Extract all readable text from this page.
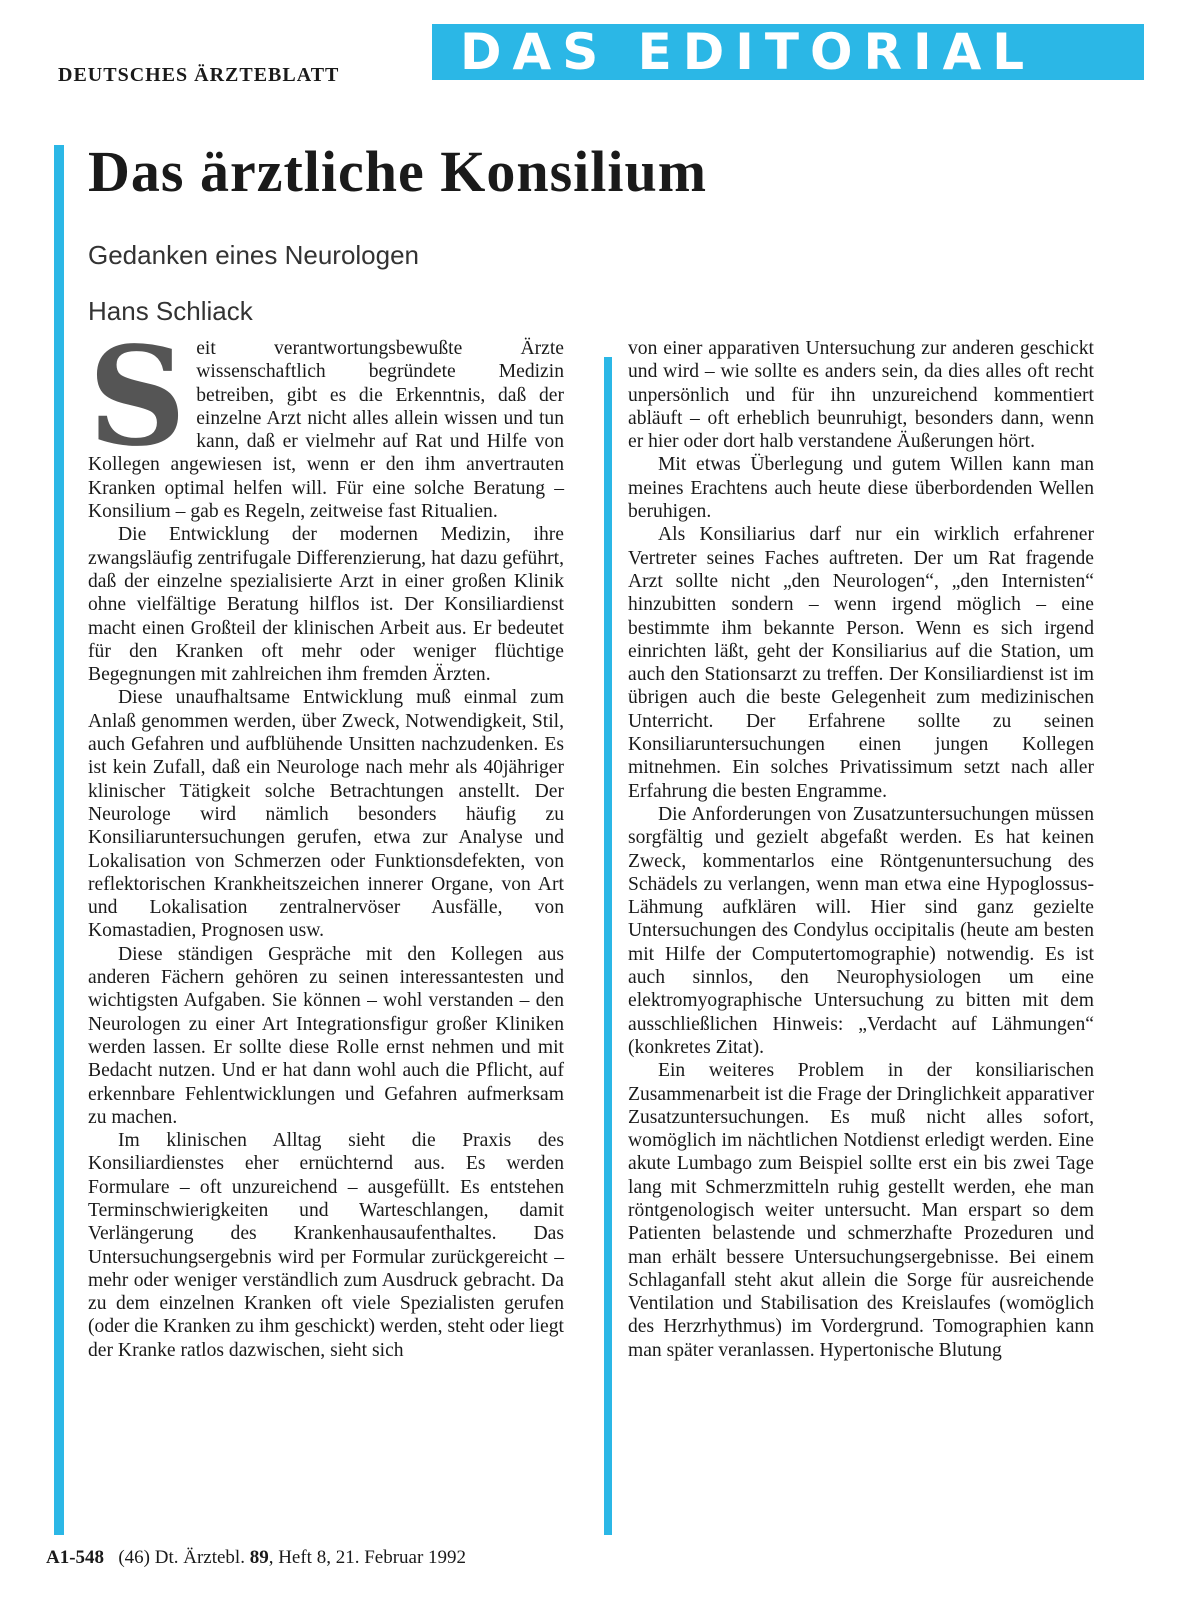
DEUTSCHES ÄRZTEBLATT	DAS EDITORIAL
Das ärztliche Konsilium
Gedanken eines Neurologen
Hans Schliack

Seit verantwortungsbewußte Ärzte wissenschaftlich begründete Medizin betreiben, gibt es die Erkenntnis, daß der einzelne Arzt nicht alles allein wissen und tun kann, daß er vielmehr auf Rat und Hilfe von Kollegen angewiesen ist, wenn er den ihm anvertrauten Kranken optimal helfen will. Für eine solche Beratung – Konsilium – gab es Regeln, zeitweise fast Ritualien.

Die Entwicklung der modernen Medizin, ihre zwangsläufig zentrifugale Differenzierung, hat dazu geführt, daß der einzelne spezialisierte Arzt in einer großen Klinik ohne vielfältige Beratung hilflos ist. Der Konsiliardienst macht einen Großteil der klinischen Arbeit aus. Er bedeutet für den Kranken oft mehr oder weniger flüchtige Begegnungen mit zahlreichen ihm fremden Ärzten.

Diese unaufhaltsame Entwicklung muß einmal zum Anlaß genommen werden, über Zweck, Notwendigkeit, Stil, auch Gefahren und aufblühende Unsitten nachzudenken. Es ist kein Zufall, daß ein Neurologe nach mehr als 40jähriger klinischer Tätigkeit solche Betrachtungen anstellt. Der Neurologe wird nämlich besonders häufig zu Konsiliaruntersuchungen gerufen, etwa zur Analyse und Lokalisation von Schmerzen oder Funktionsdefekten, von reflektorischen Krankheitszeichen innerer Organe, von Art und Lokalisation zentralnervöser Ausfälle, von Komastadien, Prognosen usw.

Diese ständigen Gespräche mit den Kollegen aus anderen Fächern gehören zu seinen interessantesten und wichtigsten Aufgaben. Sie können – wohl verstanden – den Neurologen zu einer Art Integrationsfigur großer Kliniken werden lassen. Er sollte diese Rolle ernst nehmen und mit Bedacht nutzen. Und er hat dann wohl auch die Pflicht, auf erkennbare Fehlentwicklungen und Gefahren aufmerksam zu machen.

Im klinischen Alltag sieht die Praxis des Konsiliardienstes eher ernüchternd aus. Es werden Formulare – oft unzureichend – ausgefüllt. Es entstehen Terminschwierigkeiten und Warteschlangen, damit Verlängerung des Krankenhausaufenthaltes. Das Untersuchungsergebnis wird per Formular zurückgereicht – mehr oder weniger verständlich zum Ausdruck gebracht. Da zu dem einzelnen Kranken oft viele Spezialisten gerufen (oder die Kranken zu ihm geschickt) werden, steht oder liegt der Kranke ratlos dazwischen, sieht sich

von einer apparativen Untersuchung zur anderen geschickt und wird – wie sollte es anders sein, da dies alles oft recht unpersönlich und für ihn unzureichend kommentiert abläuft – oft erheblich beunruhigt, besonders dann, wenn er hier oder dort halb verstandene Äußerungen hört.

Mit etwas Überlegung und gutem Willen kann man meines Erachtens auch heute diese überbordenden Wellen beruhigen.

Als Konsiliarius darf nur ein wirklich erfahrener Vertreter seines Faches auftreten. Der um Rat fragende Arzt sollte nicht „den Neurologen“, „den Internisten“ hinzubitten sondern – wenn irgend möglich – eine bestimmte ihm bekannte Person. Wenn es sich irgend einrichten läßt, geht der Konsiliarius auf die Station, um auch den Stationsarzt zu treffen. Der Konsiliardienst ist im übrigen auch die beste Gelegenheit zum medizinischen Unterricht. Der Erfahrene sollte zu seinen Konsiliaruntersuchungen einen jungen Kollegen mitnehmen. Ein solches Privatissimum setzt nach aller Erfahrung die besten Engramme.

Die Anforderungen von Zusatzuntersuchungen müssen sorgfältig und gezielt abgefaßt werden. Es hat keinen Zweck, kommentarlos eine Röntgenuntersuchung des Schädels zu verlangen, wenn man etwa eine Hypoglossus-Lähmung aufklären will. Hier sind ganz gezielte Untersuchungen des Condylus occipitalis (heute am besten mit Hilfe der Computertomographie) notwendig. Es ist auch sinnlos, den Neurophysiologen um eine elektromyographische Untersuchung zu bitten mit dem ausschließlichen Hinweis: „Verdacht auf Lähmungen“ (konkretes Zitat).

Ein weiteres Problem in der konsiliarischen Zusammenarbeit ist die Frage der Dringlichkeit apparativer Zusatzuntersuchungen. Es muß nicht alles sofort, womöglich im nächtlichen Notdienst erledigt werden. Eine akute Lumbago zum Beispiel sollte erst ein bis zwei Tage lang mit Schmerzmitteln ruhig gestellt werden, ehe man röntgenologisch weiter untersucht. Man erspart so dem Patienten belastende und schmerzhafte Prozeduren und man erhält bessere Untersuchungsergebnisse. Bei einem Schlaganfall steht akut allein die Sorge für ausreichende Ventilation und Stabilisation des Kreislaufes (womöglich des Herzrhythmus) im Vordergrund. Tomographien kann man später veranlassen. Hypertonische Blutung

A1-548 (46) Dt. Ärztebl. 89, Heft 8, 21. Februar 1992
